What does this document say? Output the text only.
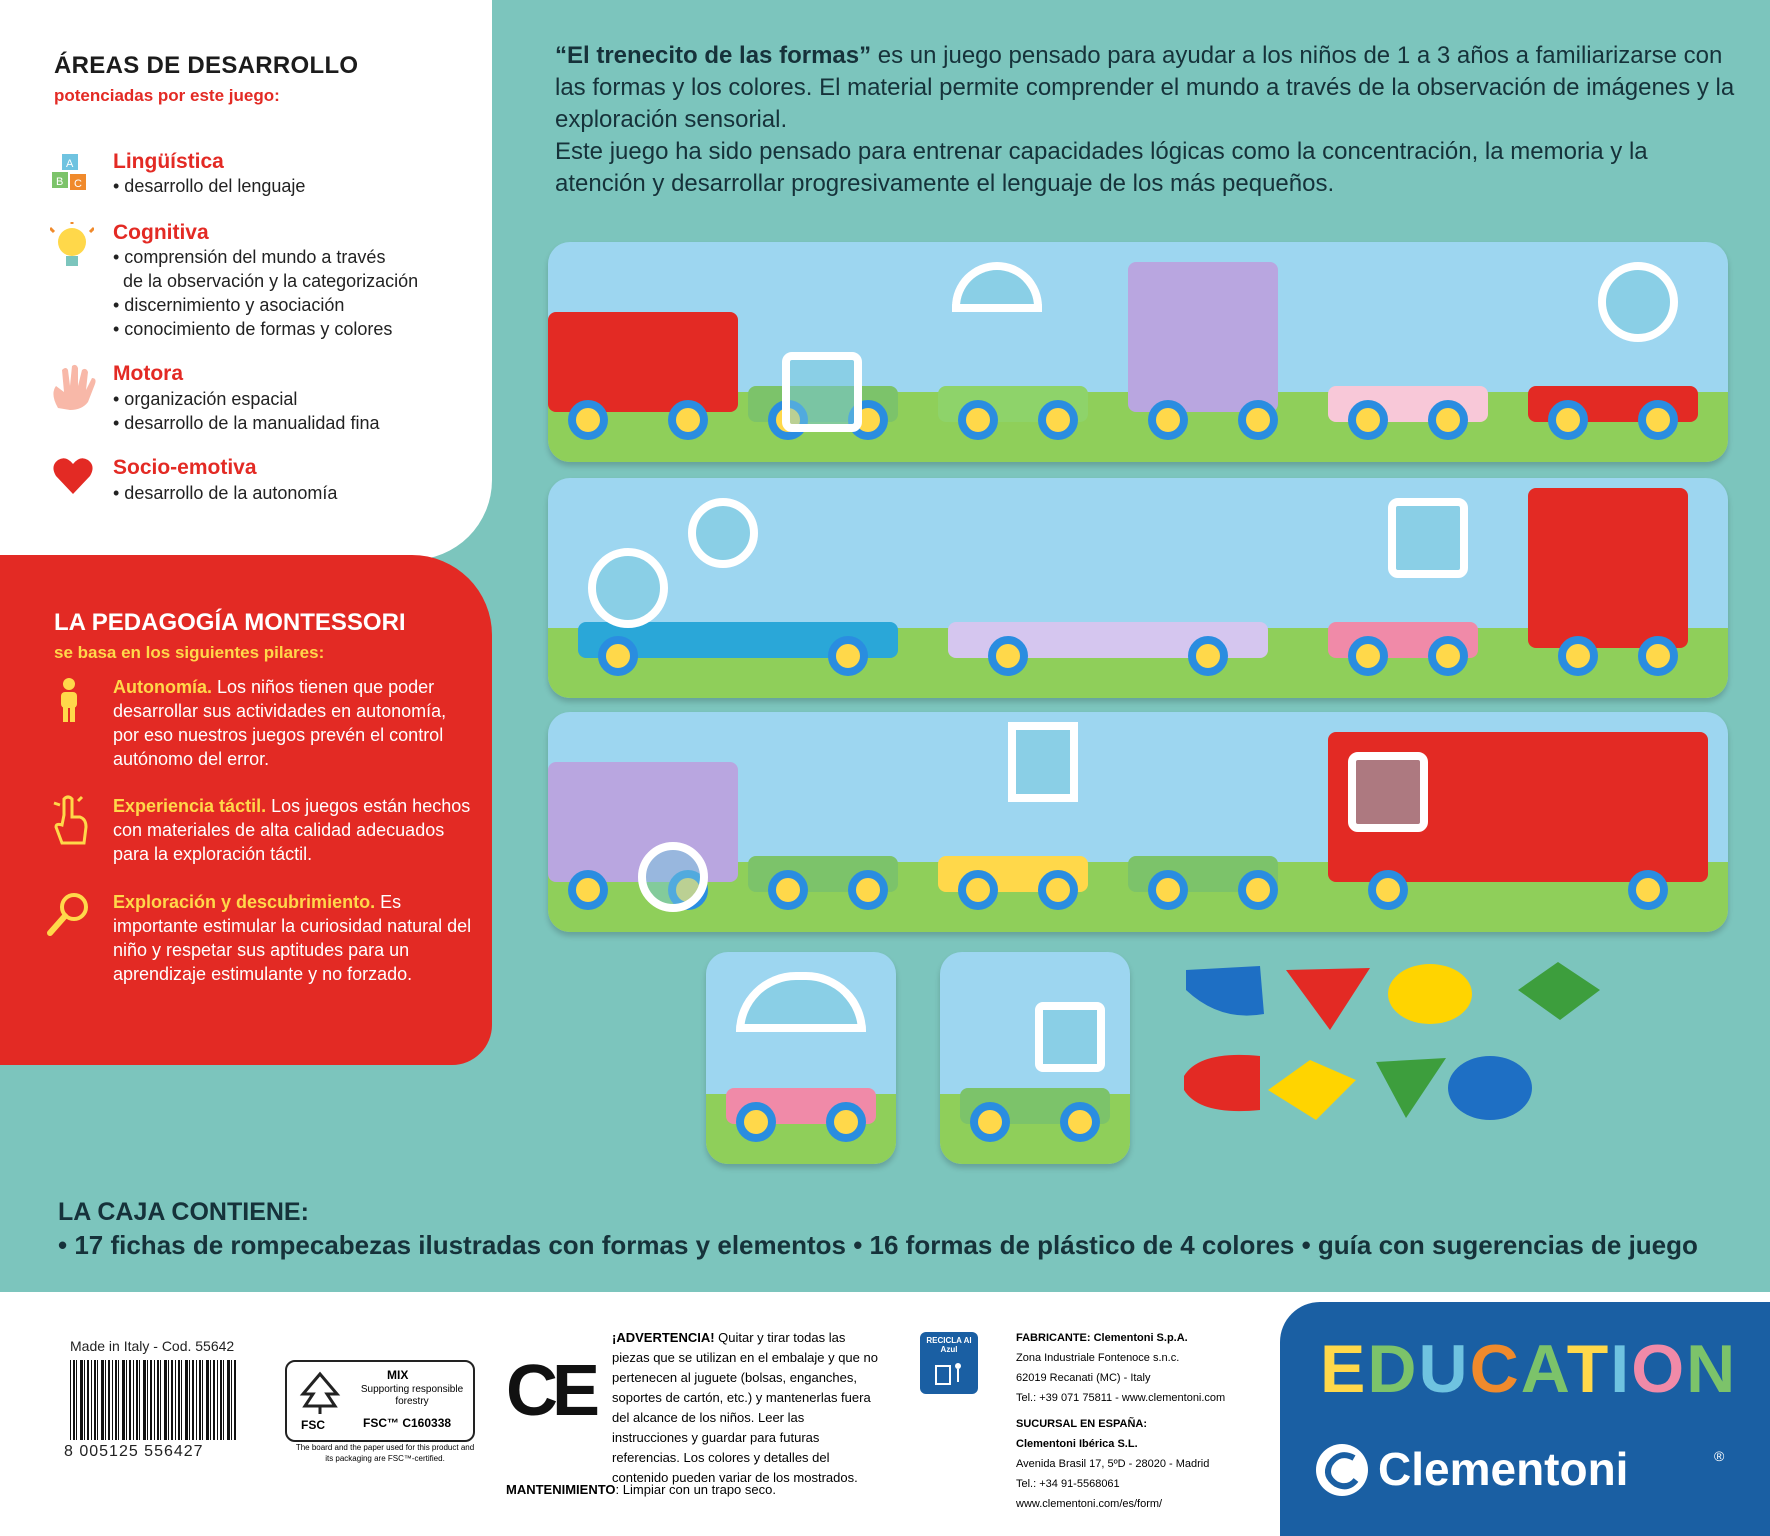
ÁREAS DE DESARROLLO
potenciadas por este juego:
A
B C
Lingüística
• desarrollo del lenguaje
Cognitiva
• comprensión del mundo a través
de la observación y la categorización
• discernimiento y asociación
• conocimiento de formas y colores
Motora
• organización espacial
• desarrollo de la manualidad fina
Socio-emotiva
• desarrollo de la autonomía
LA PEDAGOGÍA MONTESSORI
se basa en los siguientes pilares:
Autonomía. Los niños tienen que poder desarrollar sus actividades en autonomía, por eso nuestros juegos prevén el control autónomo del error.
Experiencia táctil. Los juegos están hechos con materiales de alta calidad adecuados para la exploración táctil.
Exploración y descubrimiento. Es importante estimular la curiosidad natural del niño y respetar sus aptitudes para un aprendizaje estimulante y no forzado.
“El trenecito de las formas” es un juego pensado para ayudar a los niños de 1 a 3 años a familiarizarse con las formas y los colores. El material permite comprender el mundo a través de la observación de imágenes y la exploración sensorial.
Este juego ha sido pensado para entrenar capacidades lógicas como la concentración, la memoria y la atención y desarrollar progresivamente el lenguaje de los más pequeños.
LA CAJA CONTIENE:
• 17 fichas de rompecabezas ilustradas con formas y elementos • 16 formas de plástico de 4 colores • guía con sugerencias de juego
Made in Italy - Cod. 55642
8 005125 556427
FSC
MIX
Supporting responsible forestry
FSC™ C160338
The board and the paper used for this product and its packaging are FSC™-certified.
CE
¡ADVERTENCIA! Quitar y tirar todas las piezas que se utilizan en el embalaje y que no pertenecen al juguete (bolsas, enganches, soportes de cartón, etc.) y mantenerlas fuera del alcance de los niños. Leer las instrucciones y guardar para futuras referencias. Los colores y detalles del contenido pueden variar de los mostrados.
MANTENIMIENTO: Limpiar con un trapo seco.
RECICLA Al Azul
FABRICANTE: Clementoni S.p.A.
Zona Industriale Fontenoce s.n.c.
62019 Recanati (MC) - Italy
Tel.: +39 071 75811 - www.clementoni.com
SUCURSAL EN ESPAÑA:
Clementoni Ibérica S.L.
Avenida Brasil 17, 5ºD - 28020 - Madrid
Tel.: +34 91-5568061
www.clementoni.com/es/form/
EDUCATION
Clementoni	®
